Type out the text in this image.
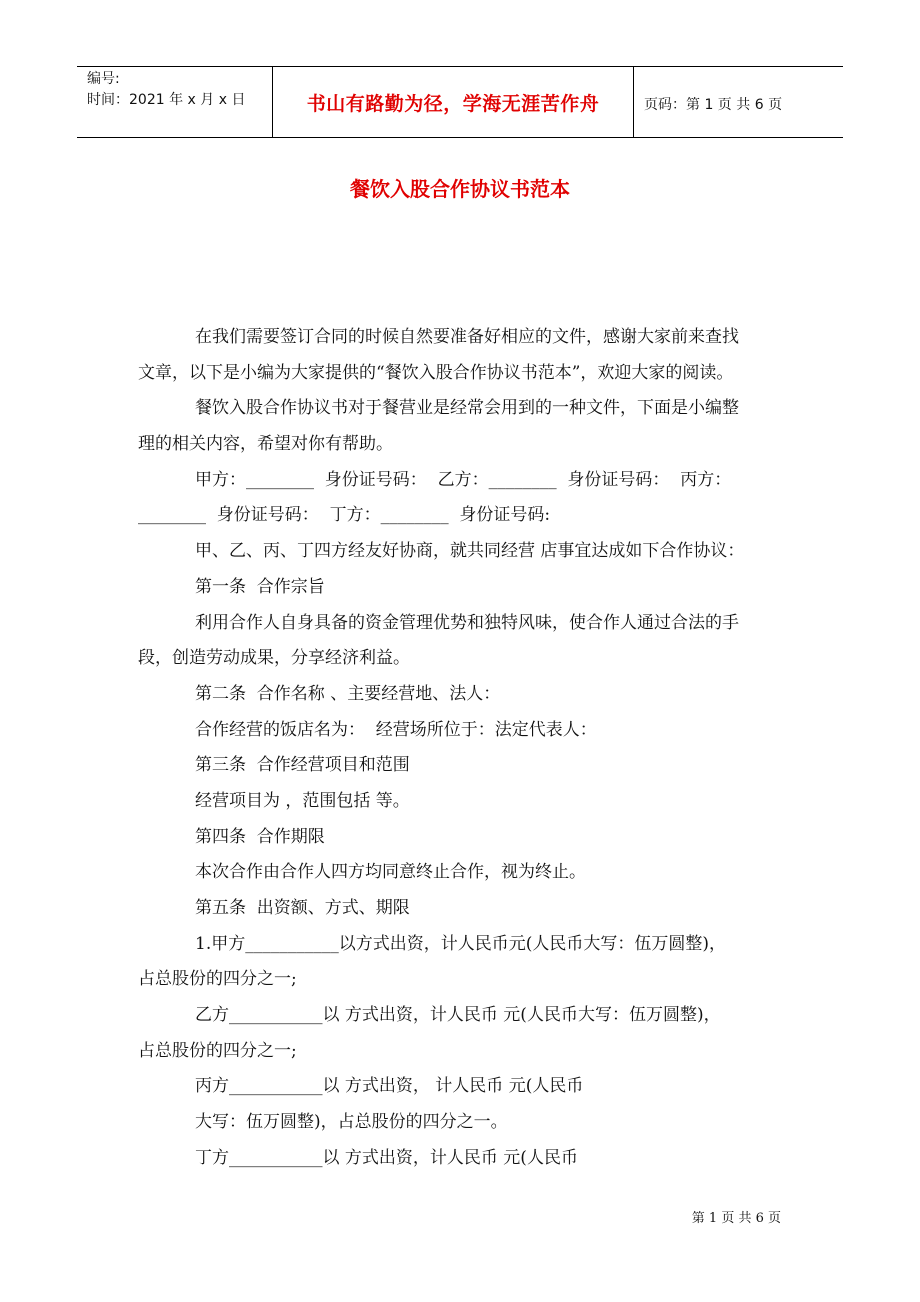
编号:
时间：2021 年 x 月 x 日	书山有路勤为径，学海无涯苦作舟	页码：第 1 页 共 6 页
餐饮入股合作协议书范本
在我们需要签订合同的时候自然要准备好相应的文件，感谢大家前来查找
文章，以下是小编为大家提供的“餐饮入股合作协议书范本”，欢迎大家的阅读。
餐饮入股合作协议书对于餐营业是经常会用到的一种文件，下面是小编整
理的相关内容，希望对你有帮助。
甲方：________  身份证号码：  乙方：________  身份证号码：  丙方：
________  身份证号码：  丁方：________  身份证号码:
甲、乙、丙、丁四方经友好协商，就共同经营 店事宜达成如下合作协议：
第一条  合作宗旨
利用合作人自身具备的资金管理优势和独特风味，使合作人通过合法的手
段，创造劳动成果，分享经济利益。
第二条  合作名称 、主要经营地、法人：
合作经营的饭店名为：  经营场所位于：法定代表人：
第三条  合作经营项目和范围
经营项目为 ，范围包括 等。
第四条  合作期限
本次合作由合作人四方均同意终止合作，视为终止。
第五条  出资额、方式、期限
1.甲方___________以方式出资，计人民币元(人民币大写：伍万圆整)，
占总股份的四分之一;
乙方___________以 方式出资，计人民币 元(人民币大写：伍万圆整)，
占总股份的四分之一;
丙方___________以 方式出资， 计人民币 元(人民币
大写：伍万圆整)，占总股份的四分之一。
丁方___________以 方式出资，计人民币 元(人民币
第 1 页 共 6 页
